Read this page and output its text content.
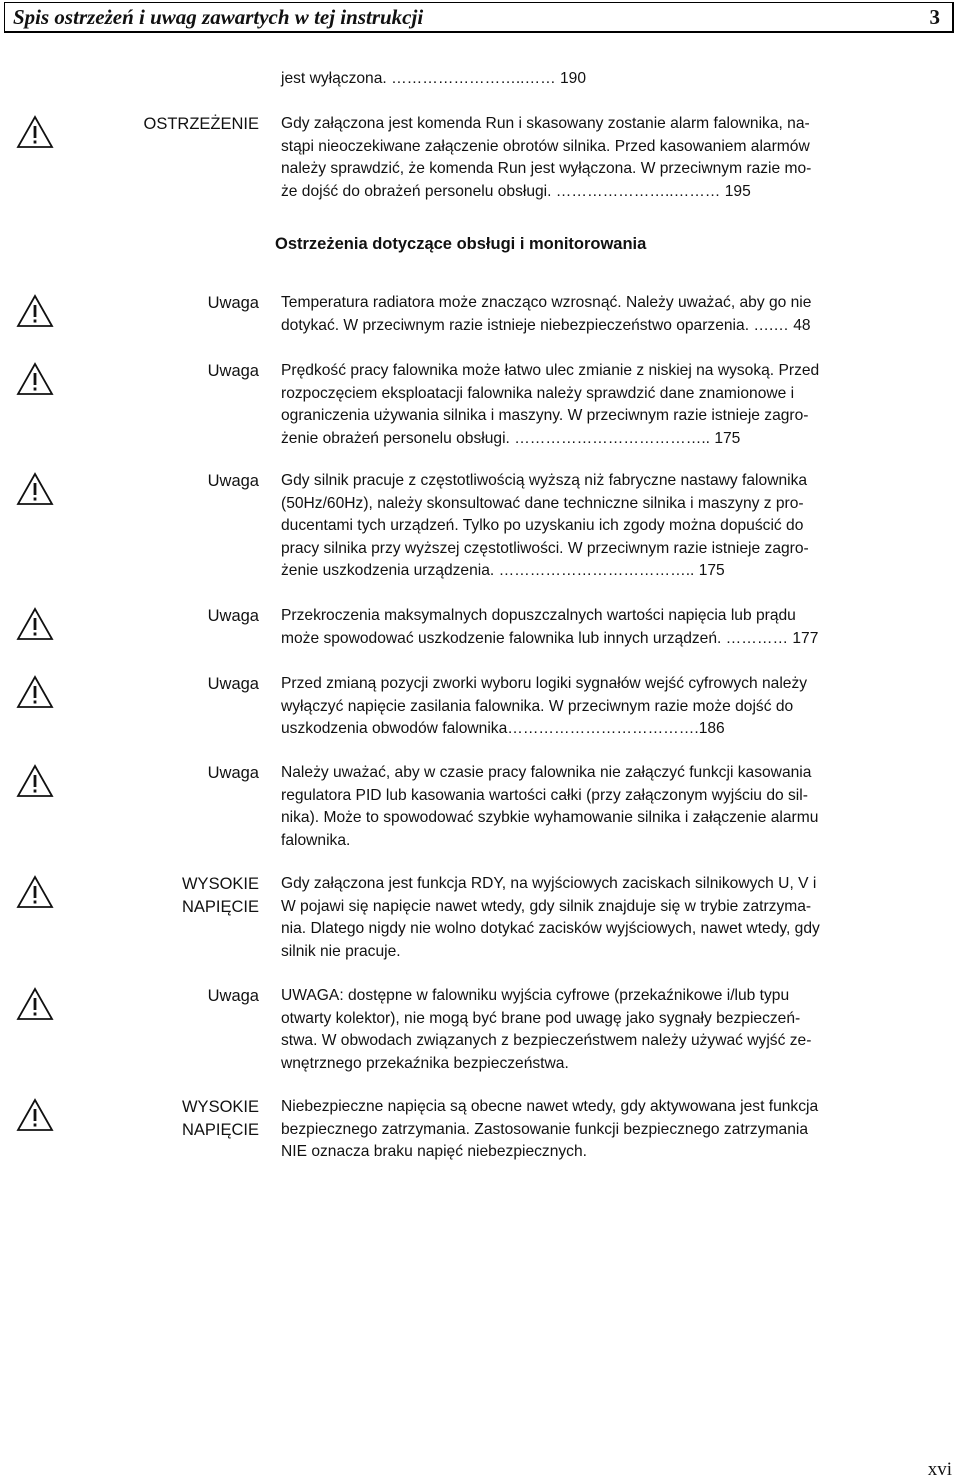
Spis ostrzeżeń i uwag zawartych w tej instrukcji	3
jest wyłączona. ……………………..…… 190
Ostrzeżenia dotyczące obsługi i monitorowania
OSTRZEŻENIE Gdy załączona jest komenda Run i skasowany zostanie alarm falownika, na-
stąpi nieoczekiwane załączenie obrotów silnika. Przed kasowaniem alarmów
należy sprawdzić, że komenda Run jest wyłączona. W przeciwnym razie mo-
że dojść do obrażeń personelu obsługi. …………………..……… 195
Uwaga Temperatura radiatora może znacząco wzrosnąć. Należy uważać, aby go nie
dotykać. W przeciwnym razie istnieje niebezpieczeństwo oparzenia. ….… 48
Uwaga Prędkość pracy falownika może łatwo ulec zmianie z niskiej na wysoką. Przed
rozpoczęciem eksploatacji falownika należy sprawdzić dane znamionowe i
ograniczenia używania silnika i maszyny. W przeciwnym razie istnieje zagro-
żenie obrażeń personelu obsługi. ……………………………….. 175
Uwaga Gdy silnik pracuje z częstotliwością wyższą niż fabryczne nastawy falownika
(50Hz/60Hz), należy skonsultować dane techniczne silnika i maszyny z pro-
ducentami tych urządzeń. Tylko po uzyskaniu ich zgody można dopuścić do
pracy silnika przy wyższej częstotliwości. W przeciwnym razie istnieje zagro-
żenie uszkodzenia urządzenia. ……………………………….. 175
Uwaga Przekroczenia maksymalnych dopuszczalnych wartości napięcia lub prądu
może spowodować uszkodzenie falownika lub innych urządzeń. ………… 177
Uwaga Przed zmianą pozycji zworki wyboru logiki sygnałów wejść cyfrowych należy
wyłączyć napięcie zasilania falownika. W przeciwnym razie może dojść do
uszkodzenia obwodów falownika……………………………….186
Uwaga Należy uważać, aby w czasie pracy falownika nie załączyć funkcji kasowania
regulatora PID lub kasowania wartości całki (przy załączonym wyjściu do sil-
nika). Może to spowodować szybkie wyhamowanie silnika i załączenie alarmu
falownika.
WYSOKIE
NAPIĘCIE
Gdy załączona jest funkcja RDY, na wyjściowych zaciskach silnikowych U, V i
W pojawi się napięcie nawet wtedy, gdy silnik znajduje się w trybie zatrzyma-
nia. Dlatego nigdy nie wolno dotykać zacisków wyjściowych, nawet wtedy, gdy
silnik nie pracuje.
Uwaga UWAGA: dostępne w falowniku wyjścia cyfrowe (przekaźnikowe i/lub typu
otwarty kolektor), nie mogą być brane pod uwagę jako sygnały bezpieczeń-
stwa. W obwodach związanych z bezpieczeństwem należy używać wyjść ze-
wnętrznego przekaźnika bezpieczeństwa.
WYSOKIE
NAPIĘCIE
Niebezpieczne napięcia są obecne nawet wtedy, gdy aktywowana jest funkcja
bezpiecznego zatrzymania. Zastosowanie funkcji bezpiecznego zatrzymania
NIE oznacza braku napięć niebezpiecznych.
xvi
